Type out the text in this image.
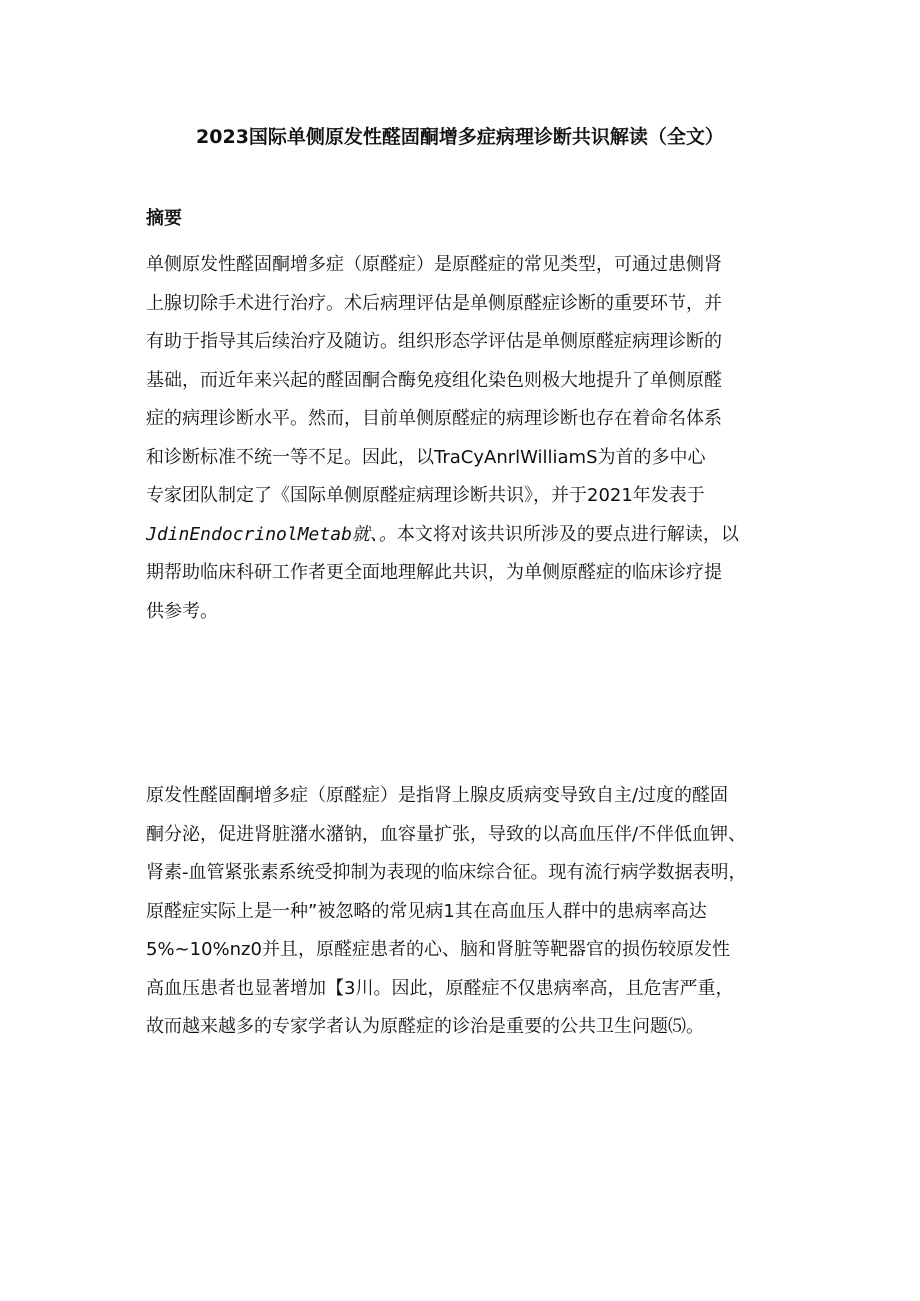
2023国际单侧原发性醛固酮增多症病理诊断共识解读（全文）
摘要
单侧原发性醛固酮增多症（原醛症）是原醛症的常见类型，可通过患侧肾
上腺切除手术进行治疗。术后病理评估是单侧原醛症诊断的重要环节，并
有助于指导其后续治疗及随访。组织形态学评估是单侧原醛症病理诊断的
基础，而近年来兴起的醛固酮合酶免疫组化染色则极大地提升了单侧原醛
症的病理诊断水平。然而，目前单侧原醛症的病理诊断也存在着命名体系
和诊断标准不统一等不足。因此，以TraCyAnrlWilliamS为首的多中心
专家团队制定了《国际单侧原醛症病理诊断共识》，并于2021年发表于
JdinEndocrinolMetab就、。本文将对该共识所涉及的要点进行解读，以
期帮助临床科研工作者更全面地理解此共识，为单侧原醛症的临床诊疗提
供参考。
原发性醛固酮增多症（原醛症）是指肾上腺皮质病变导致自主/过度的醛固
酮分泌，促进肾脏潴水潴钠，血容量扩张，导致的以高血压伴/不伴低血钾、
肾素-血管紧张素系统受抑制为表现的临床综合征。现有流行病学数据表明，
原醛症实际上是一种”被忽略的常见病1其在高血压人群中的患病率高达
5%~10%nz0并且，原醛症患者的心、脑和肾脏等靶器官的损伤较原发性
高血压患者也显著增加【3川。因此，原醛症不仅患病率高，且危害严重，
故而越来越多的专家学者认为原醛症的诊治是重要的公共卫生问题⑸。
